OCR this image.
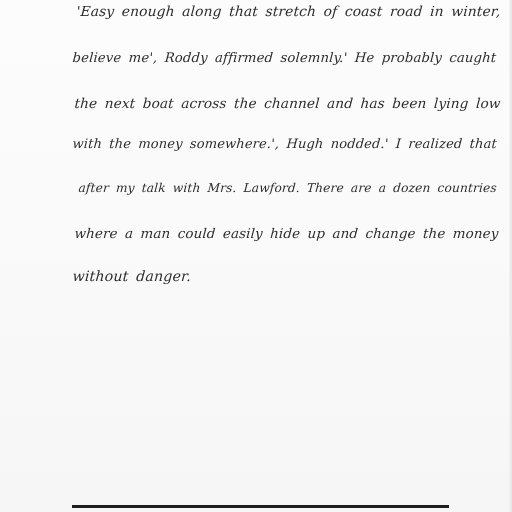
'Easy enough along that stretch of coast road in winter,
believe me', Roddy affirmed solemnly.' He probably caught
the next boat across the channel and has been lying low
with the money somewhere.', Hugh nodded.' I realized that
after my talk with Mrs. Lawford. There are a dozen countries
where a man could easily hide up and change the money
without danger.
